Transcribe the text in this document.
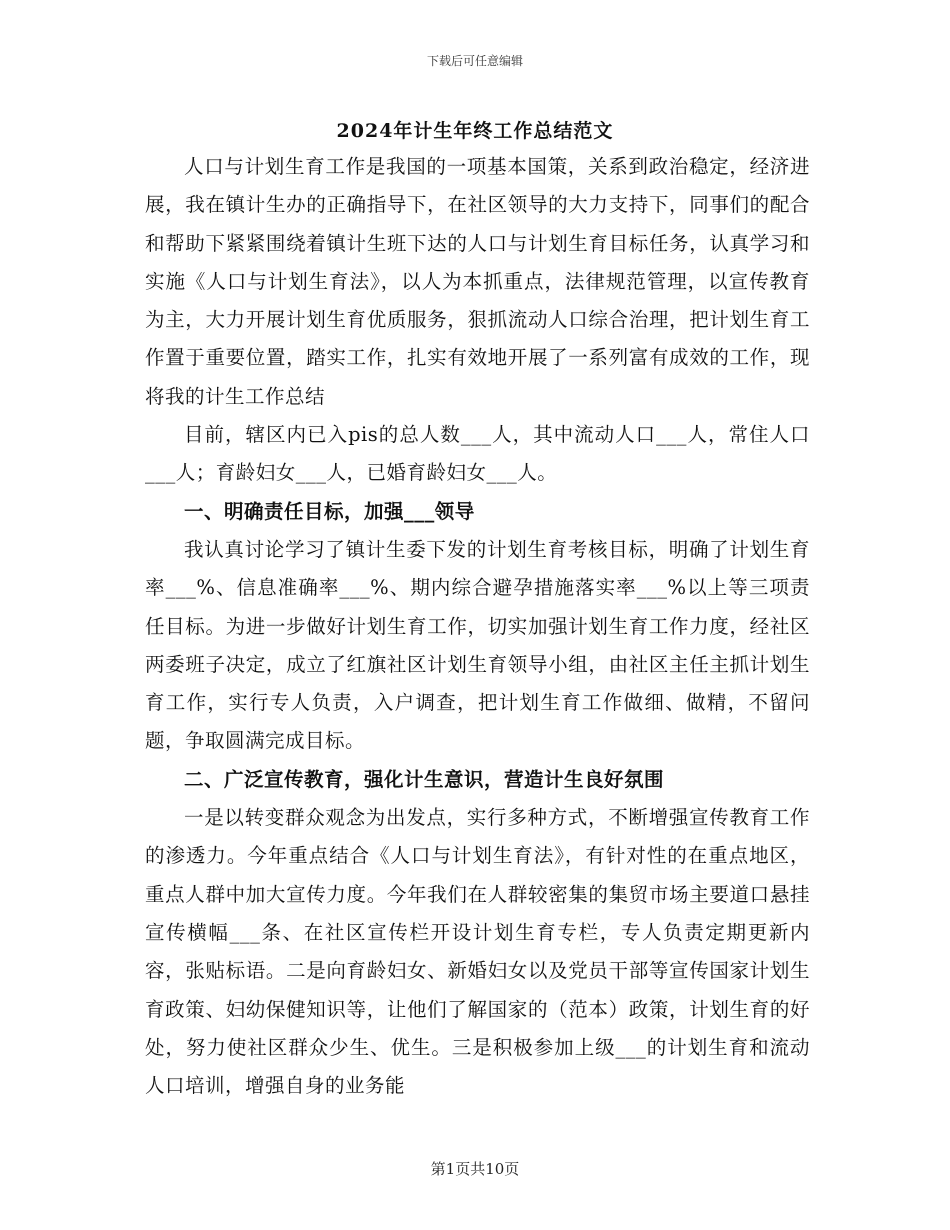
下载后可任意编辑
2024年计生年终工作总结范文

人口与计划生育工作是我国的一项基本国策，关系到政治稳定，经济进展，我在镇计生办的正确指导下，在社区领导的大力支持下，同事们的配合和帮助下紧紧围绕着镇计生班下达的人口与计划生育目标任务，认真学习和实施《人口与计划生育法》，以人为本抓重点，法律规范管理，以宣传教育为主，大力开展计划生育优质服务，狠抓流动人口综合治理，把计划生育工作置于重要位置，踏实工作，扎实有效地开展了一系列富有成效的工作，现将我的计生工作总结

目前，辖区内已入pis的总人数___人，其中流动人口___人，常住人口___人；育龄妇女___人，已婚育龄妇女___人。

一、明确责任目标，加强___领导

我认真讨论学习了镇计生委下发的计划生育考核目标，明确了计划生育率___%、信息准确率___%、期内综合避孕措施落实率___%以上等三项责任目标。为进一步做好计划生育工作，切实加强计划生育工作力度，经社区两委班子决定，成立了红旗社区计划生育领导小组，由社区主任主抓计划生育工作，实行专人负责，入户调查，把计划生育工作做细、做精，不留问题，争取圆满完成目标。

二、广泛宣传教育，强化计生意识，营造计生良好氛围

一是以转变群众观念为出发点，实行多种方式，不断增强宣传教育工作的渗透力。今年重点结合《人口与计划生育法》，有针对性的在重点地区，重点人群中加大宣传力度。今年我们在人群较密集的集贸市场主要道口悬挂宣传横幅___条、在社区宣传栏开设计划生育专栏，专人负责定期更新内容，张贴标语。二是向育龄妇女、新婚妇女以及党员干部等宣传国家计划生育政策、妇幼保健知识等，让他们了解国家的（范本）政策，计划生育的好处，努力使社区群众少生、优生。三是积极参加上级___的计划生育和流动人口培训，增强自身的业务能

第1页共10页
